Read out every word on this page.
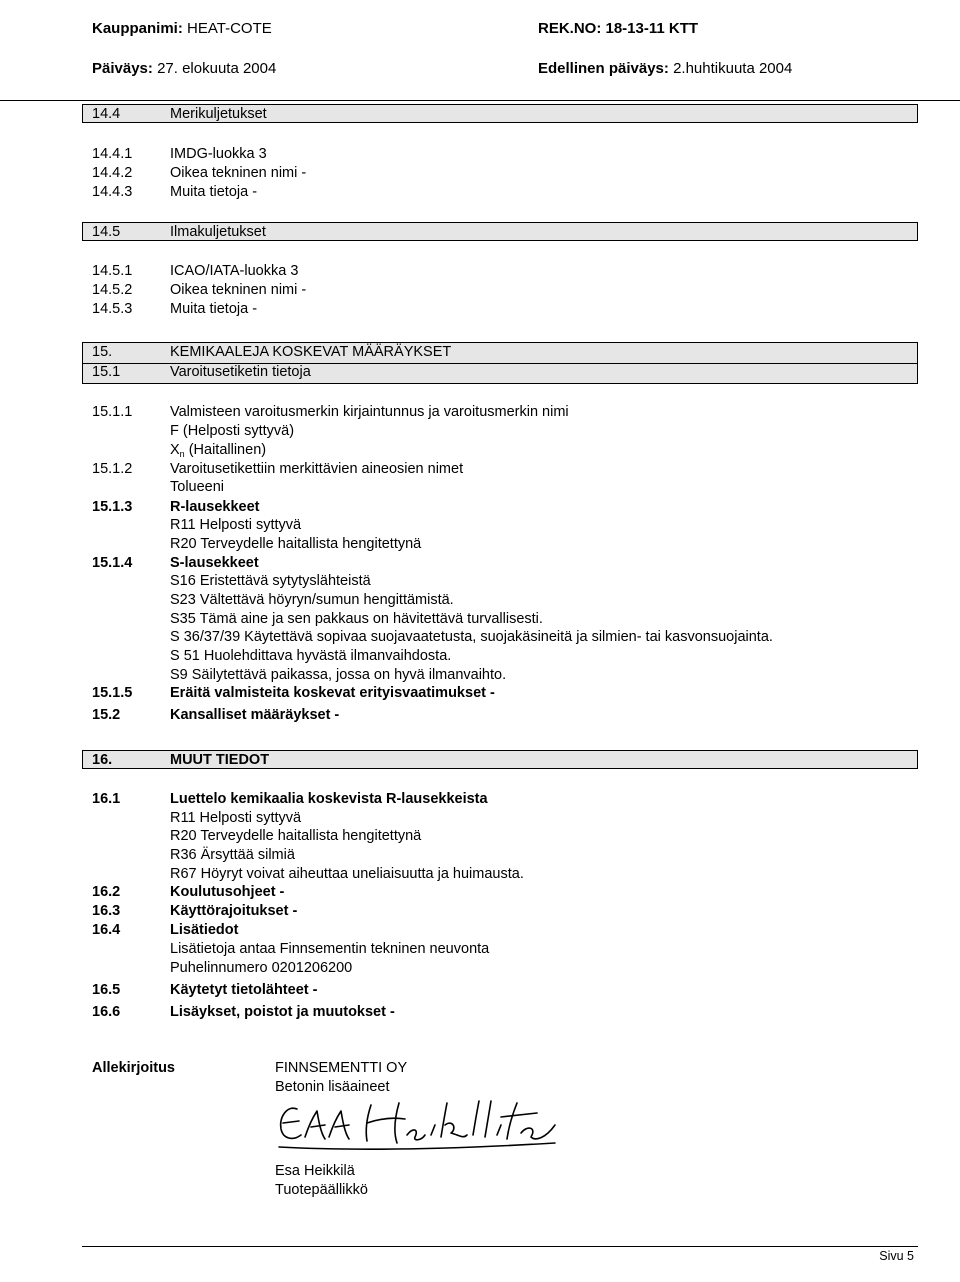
Kauppanimi: HEAT-COTE	REK.NO: 18-13-11 KTT
Päiväys: 27. elokuuta 2004	Edellinen päiväys: 2.huhtikuuta 2004
14.4	Merikuljetukset
14.4.1	IMDG-luokka 3
14.4.2	Oikea tekninen nimi -
14.4.3	Muita tietoja -
14.5	Ilmakuljetukset
14.5.1	ICAO/IATA-luokka 3
14.5.2	Oikea tekninen nimi -
14.5.3	Muita tietoja -
15.	KEMIKAALEJA KOSKEVAT MÄÄRÄYKSET
15.1	Varoitusetiketin tietoja
15.1.1	Valmisteen varoitusmerkin kirjaintunnus ja varoitusmerkin nimi
F (Helposti syttyvä)
$X_n$ (Haitallinen)
15.1.2	Varoitusetikettiin merkittävien aineosien nimet
Tolueeni
15.1.3	R-lausekkeet
R11 Helposti syttyvä
R20 Terveydelle haitallista hengitettynä
15.1.4	S-lausekkeet
S16 Eristettävä sytytyslähteistä
S23 Vältettävä höyryn/sumun hengittämistä.
S35 Tämä aine ja sen pakkaus on hävitettävä turvallisesti.
S 36/37/39 Käytettävä sopivaa suojavaatetusta, suojakäsineitä ja silmien- tai kasvonsuojainta.
S 51 Huolehdittava hyvästä ilmanvaihdosta.
S9 Säilytettävä paikassa, jossa on hyvä ilmanvaihto.
15.1.5	Eräitä valmisteita koskevat erityisvaatimukset -
15.2	Kansalliset määräykset -
16.	MUUT TIEDOT
16.1	Luettelo kemikaalia koskevista R-lausekkeista
R11 Helposti syttyvä
R20 Terveydelle haitallista hengitettynä
R36 Ärsyttää silmiä
R67 Höyryt voivat aiheuttaa uneliaisuutta ja huimausta.
16.2	Koulutusohjeet -
16.3	Käyttörajoitukset -
16.4	Lisätiedot
Lisätietoja antaa Finnsementin tekninen neuvonta
Puhelinnumero 0201206200
16.5	Käytetyt tietolähteet -
16.6	Lisäykset, poistot ja muutokset -
Allekirjoitus	FINNSEMENTTI OY
Betonin lisäaineet
Esa Heikkilä
Tuotepäällikkö
Sivu 5
